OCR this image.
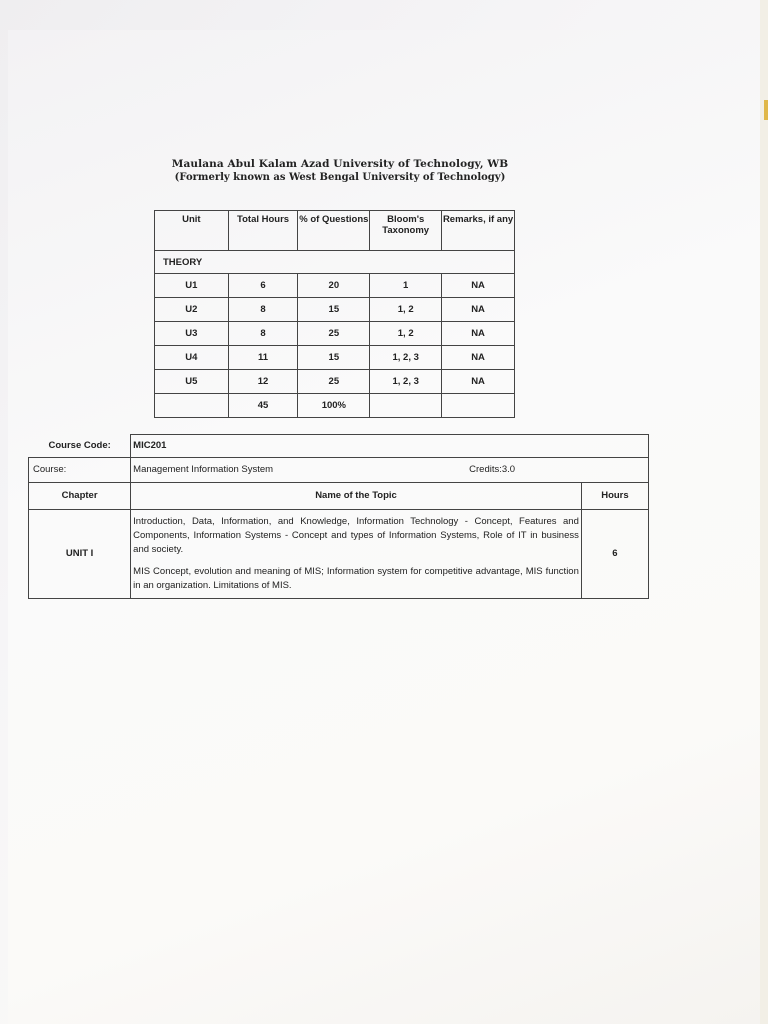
Maulana Abul Kalam Azad University of Technology, WB
(Formerly known as West Bengal University of Technology)
Unit	Total Hours	% of Questions	Bloom's Taxonomy	Remarks, if any
THEORY				
U1	6	20	1	NA
U2	8	15	1, 2	NA
U3	8	25	1, 2	NA
U4	11	15	1, 2, 3	NA
U5	12	25	1, 2, 3	NA
	45	100%		
Course Code:	MIC201	
Course:	Management Information System Credits:3.0	

Chapter	Name of the Topic	Hours
UNIT I	Introduction, Data, Information, and Knowledge, Information Technology - Concept, Features and Components, Information Systems - Concept and types of Information Systems, Role of IT in business and society.

MIS Concept, evolution and meaning of MIS; Information system for competitive advantage, MIS function in an organization. Limitations of MIS.	6
